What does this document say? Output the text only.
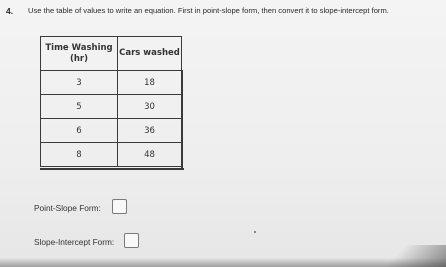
4. Use the table of values to write an equation. First in point-slope form, then convert it to slope-intercept form.
Time Washing (hr)	Cars washed
3	18
5	30
6	36
8	48
Point-Slope Form:
Slope-Intercept Form:
